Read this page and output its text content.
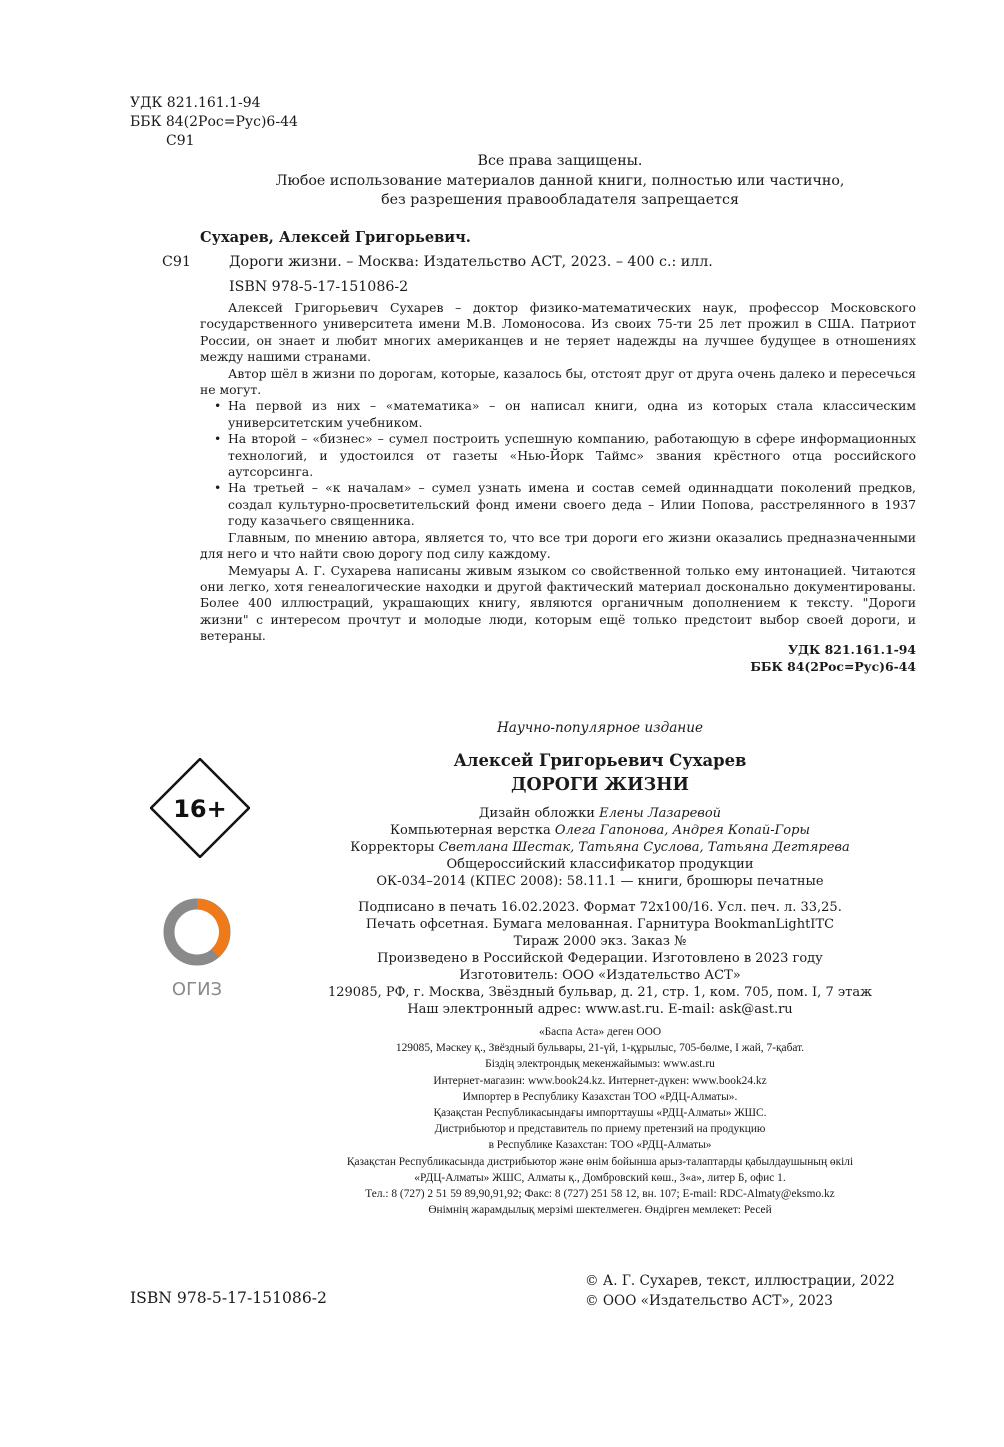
УДК 821.161.1-94
ББК 84(2Рос=Рус)6-44
С91
Все права защищены.
Любое использование материалов данной книги, полностью или частично,
без разрешения правообладателя запрещается
Сухарев, Алексей Григорьевич.
С91	Дороги жизни. – Москва: Издательство АСТ, 2023. – 400 с.: илл.
ISBN 978-5-17-151086-2

Алексей Григорьевич Сухарев – доктор физико-математических наук, профессор Московского государственного университета имени М.В. Ломоносова. Из своих 75-ти 25 лет прожил в США. Патриот России, он знает и любит многих американцев и не теряет надежды на лучшее будущее в отношениях между нашими странами.

Автор шёл в жизни по дорогам, которые, казалось бы, отстоят друг от друга очень далеко и пересечься не могут.

• На первой из них – «математика» – он написал книги, одна из которых стала классическим университетским учебником.
• На второй – «бизнес» – сумел построить успешную компанию, работающую в сфере информационных технологий, и удостоился от газеты «Нью-Йорк Таймс» звания крёстного отца российского аутсорсинга.
• На третьей – «к началам» – сумел узнать имена и состав семей одиннадцати поколений предков, создал культурно-просветительский фонд имени своего деда – Илии Попова, расстрелянного в 1937 году казачьего священника.

Главным, по мнению автора, является то, что все три дороги его жизни оказались предназначенными для него и что найти свою дорогу под силу каждому.

Мемуары А. Г. Сухарева написаны живым языком со свойственной только ему интонацией. Читаются они легко, хотя генеалогические находки и другой фактический материал досконально документированы. Более 400 иллюстраций, украшающих книгу, являются органичным дополнением к тексту. "Дороги жизни" с интересом прочтут и молодые люди, которым ещё только предстоит выбор своей дороги, и ветераны.

УДК 821.161.1-94
ББК 84(2Рос=Рус)6-44
Научно-популярное издание
16+
ОГИЗ
Алексей Григорьевич Сухарев
ДОРОГИ ЖИЗНИ
Дизайн обложки Елены Лазаревой
Компьютерная верстка Олега Гапонова, Андрея Копай-Горы
Корректоры Светлана Шестак, Татьяна Суслова, Татьяна Дегтярева
Общероссийский классификатор продукции
ОК-034–2014 (КПЕС 2008): 58.11.1 — книги, брошюры печатные
Подписано в печать 16.02.2023. Формат 72x100/16. Усл. печ. л. 33,25.
Печать офсетная. Бумага мелованная. Гарнитура BookmanLightITC
Тираж 2000 экз. Заказ №
Произведено в Российской Федерации. Изготовлено в 2023 году
Изготовитель: ООО «Издательство АСТ»
129085, РФ, г. Москва, Звёздный бульвар, д. 21, стр. 1, ком. 705, пом. I, 7 этаж
Наш электронный адрес: www.ast.ru. E-mail: ask@ast.ru
«Баспа Аста» деген ООО
129085, Мәскеу қ., Звёздный бульвары, 21-үй, 1-құрылыс, 705-бөлме, I жай, 7-қабат.
Біздің электрондық мекенжайымыз: www.ast.ru
Интернет-магазин: www.book24.kz. Интернет-дүкен: www.book24.kz
Импортер в Республику Казахстан ТОО «РДЦ-Алматы».
Қазақстан Республикасындағы импорттаушы «РДЦ-Алматы» ЖШС.
Дистрибьютор и представитель по приему претензий на продукцию
в Республике Казахстан: ТОО «РДЦ-Алматы»
Қазақстан Республикасында дистрибьютор және өнім бойынша арыз-талаптарды қабылдаушының өкілі
«РДЦ-Алматы» ЖШС, Алматы қ., Домбровский көш., 3«а», литер Б, офис 1.
Тел.: 8 (727) 2 51 59 89,90,91,92; Факс: 8 (727) 251 58 12, вн. 107; E-mail: RDC-Almaty@eksmo.kz
Өнімнің жарамдылық мерзімі шектелмеген. Өндірген мемлекет: Ресей
ISBN 978-5-17-151086-2
© А. Г. Сухарев, текст, иллюстрации, 2022
© ООО «Издательство АСТ», 2023
